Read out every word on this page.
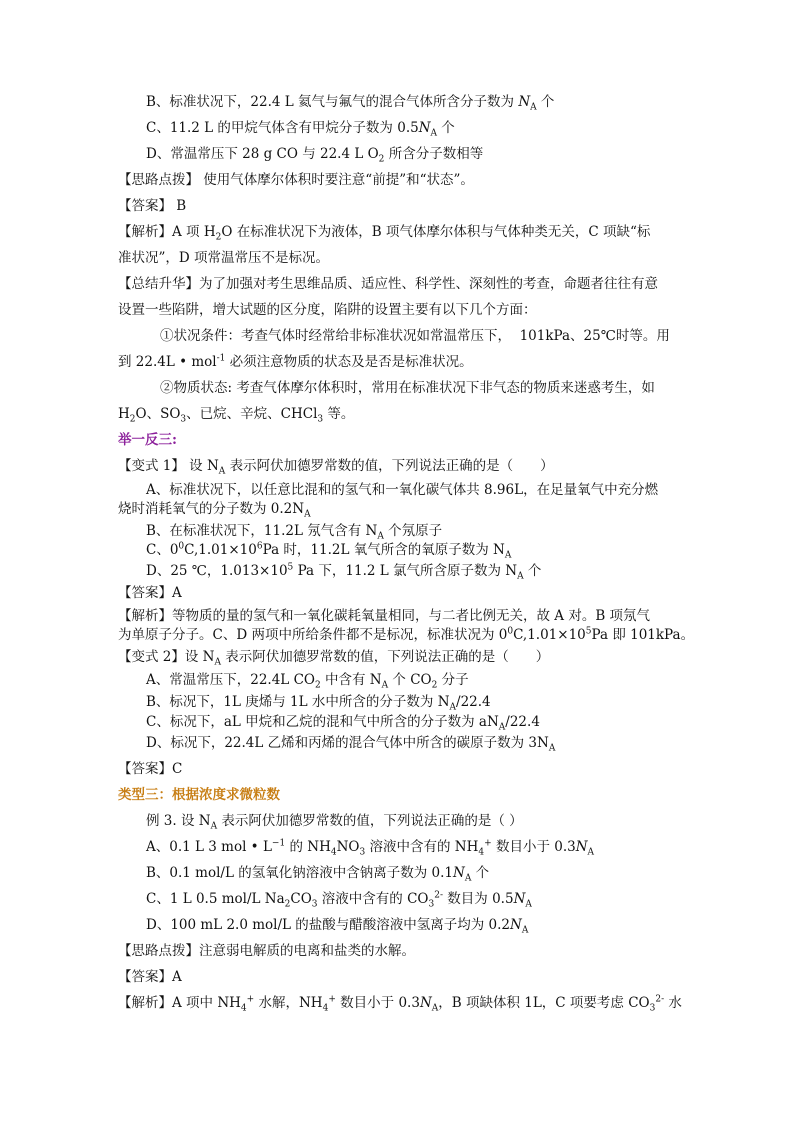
B、标准状况下，22.4 L 氦气与氟气的混合气体所含分子数为 $N_A$ 个
C、11.2 L 的甲烷气体含有甲烷分子数为 $0.5N_A$ 个
D、常温常压下 28 g CO 与 22.4 L $O_2$ 所含分子数相等
【思路点拨】 使用气体摩尔体积时要注意“前提”和“状态”。
【答案】 B
【解析】A 项 $H_2O$ 在标准状况下为液体，B 项气体摩尔体积与气体种类无关，C 项缺“标
准状况”，D 项常温常压不是标况。
【总结升华】为了加强对考生思维品质、适应性、科学性、深刻性的考查，命题者往往有意
设置一些陷阱，增大试题的区分度，陷阱的设置主要有以下几个方面：
①状况条件：考查气体时经常给非标准状况如常温常压下，  101kPa、25℃时等。用
到 22.4L • mol$^{-1}$ 必须注意物质的状态及是否是标准状况。
②物质状态: 考查气体摩尔体积时，常用在标准状况下非气态的物质来迷惑考生，如
$H_2O$、$SO_3$、已烷、辛烷、CHCl$_3$ 等。
举一反三:
【变式 1】 设 $N_A$ 表示阿伏加德罗常数的值，下列说法正确的是（　　）
A、标准状况下，以任意比混和的氢气和一氧化碳气体共 8.96L，在足量氧气中充分燃
烧时消耗氧气的分子数为 $0.2N_A$
B、在标准状况下，11.2L 氖气含有 $N_A$ 个氖原子
C、$0^0C,1.01\times 10^6Pa$ 时，11.2L 氧气所含的氧原子数为 $N_A$
D、25 ℃，$1.013\times 10^5$ Pa 下，11.2 L 氯气所含原子数为 $N_A$ 个
【答案】A
【解析】等物质的量的氢气和一氧化碳耗氧量相同，与二者比例无关，故 A 对。B 项氖气
为单原子分子。C、D 两项中所给条件都不是标况，标准状况为 $0^0C,1.01\times 10^5Pa$ 即 101kPa。
【变式 2】设 $N_A$ 表示阿伏加德罗常数的值，下列说法正确的是（　　）
A、常温常压下，22.4L $CO_2$ 中含有 $N_A$ 个 $CO_2$ 分子
B、标况下，1L 庚烯与 1L 水中所含的分子数为 $N_A/22.4$
C、标况下，aL 甲烷和乙烷的混和气中所含的分子数为 $aN_A/22.4$
D、标况下，22.4L 乙烯和丙烯的混合气体中所含的碳原子数为 $3N_A$
【答案】C
类型三：根据浓度求微粒数
例 3. 设 $N_A$ 表示阿伏加德罗常数的值，下列说法正确的是（ ）
A、0.1 L 3 mol • $L^{-1}$ 的 $NH_4NO_3$ 溶液中含有的 $NH_4^+$ 数目小于 $0.3N_A$
B、0.1 mol/L 的氢氧化钠溶液中含钠离子数为 $0.1N_A$ 个
C、1 L 0.5 mol/L $Na_2CO_3$ 溶液中含有的 $CO_3^{2-}$ 数目为 $0.5N_A$
D、100 mL 2.0 mol/L 的盐酸与醋酸溶液中氢离子均为 $0.2N_A$
【思路点拨】注意弱电解质的电离和盐类的水解。
【答案】A
【解析】A 项中 $NH_4^+$ 水解，$NH_4^+$ 数目小于 $0.3N_A$，B 项缺体积 1L，C 项要考虑 $CO_3^{2-}$ 水
